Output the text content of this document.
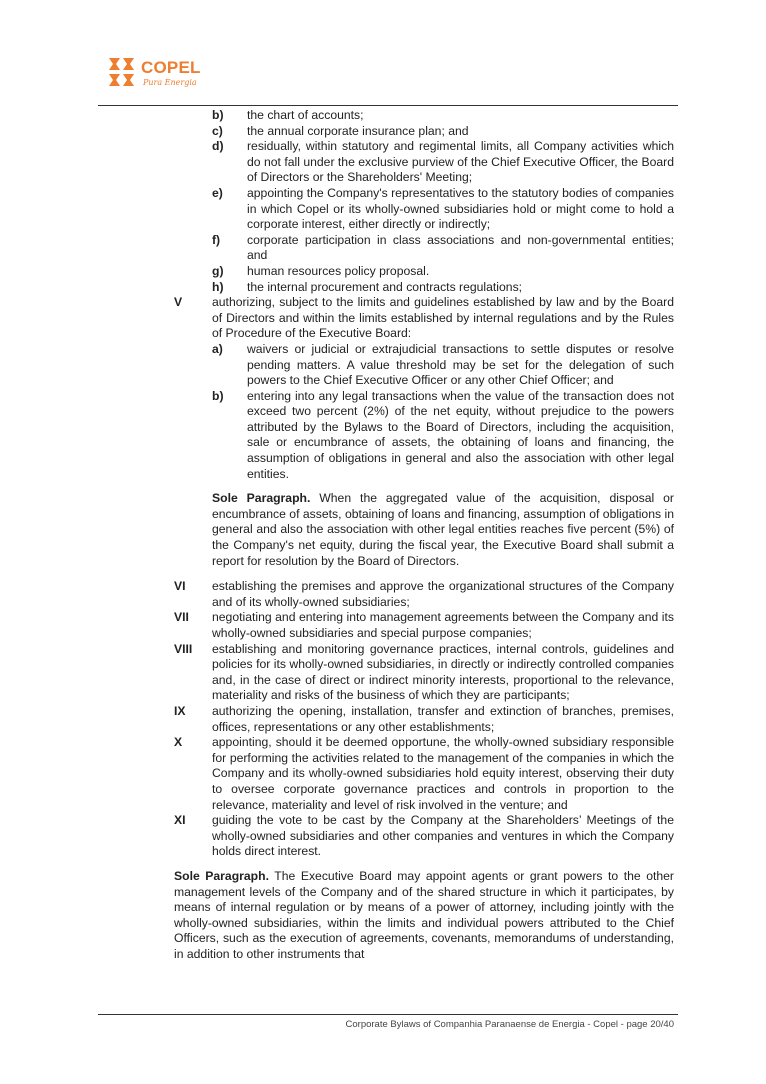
COPEL
Pura Energia
b) the chart of accounts;
c) the annual corporate insurance plan; and
d) residually, within statutory and regimental limits, all Company activities which do not fall under the exclusive purview of the Chief Executive Officer, the Board of Directors or the Shareholders' Meeting;
e) appointing the Company's representatives to the statutory bodies of companies in which Copel or its wholly-owned subsidiaries hold or might come to hold a corporate interest, either directly or indirectly;
f) corporate participation in class associations and non-governmental entities; and
g) human resources policy proposal.
h) the internal procurement and contracts regulations;
V authorizing, subject to the limits and guidelines established by law and by the Board of Directors and within the limits established by internal regulations and by the Rules of Procedure of the Executive Board:
a) waivers or judicial or extrajudicial transactions to settle disputes or resolve pending matters. A value threshold may be set for the delegation of such powers to the Chief Executive Officer or any other Chief Officer; and
b) entering into any legal transactions when the value of the transaction does not exceed two percent (2%) of the net equity, without prejudice to the powers attributed by the Bylaws to the Board of Directors, including the acquisition, sale or encumbrance of assets, the obtaining of loans and financing, the assumption of obligations in general and also the association with other legal entities.
Sole Paragraph. When the aggregated value of the acquisition, disposal or encumbrance of assets, obtaining of loans and financing, assumption of obligations in general and also the association with other legal entities reaches five percent (5%) of the Company's net equity, during the fiscal year, the Executive Board shall submit a report for resolution by the Board of Directors.
VI establishing the premises and approve the organizational structures of the Company and of its wholly-owned subsidiaries;
VII negotiating and entering into management agreements between the Company and its wholly-owned subsidiaries and special purpose companies;
VIII establishing and monitoring governance practices, internal controls, guidelines and policies for its wholly-owned subsidiaries, in directly or indirectly controlled companies and, in the case of direct or indirect minority interests, proportional to the relevance, materiality and risks of the business of which they are participants;
IX authorizing the opening, installation, transfer and extinction of branches, premises, offices, representations or any other establishments;
X appointing, should it be deemed opportune, the wholly-owned subsidiary responsible for performing the activities related to the management of the companies in which the Company and its wholly-owned subsidiaries hold equity interest, observing their duty to oversee corporate governance practices and controls in proportion to the relevance, materiality and level of risk involved in the venture; and
XI guiding the vote to be cast by the Company at the Shareholders’ Meetings of the wholly-owned subsidiaries and other companies and ventures in which the Company holds direct interest.
Sole Paragraph. The Executive Board may appoint agents or grant powers to the other management levels of the Company and of the shared structure in which it participates, by means of internal regulation or by means of a power of attorney, including jointly with the wholly-owned subsidiaries, within the limits and individual powers attributed to the Chief Officers, such as the execution of agreements, covenants, memorandums of understanding, in addition to other instruments that
Corporate Bylaws of Companhia Paranaense de Energia - Copel - page 20/40
